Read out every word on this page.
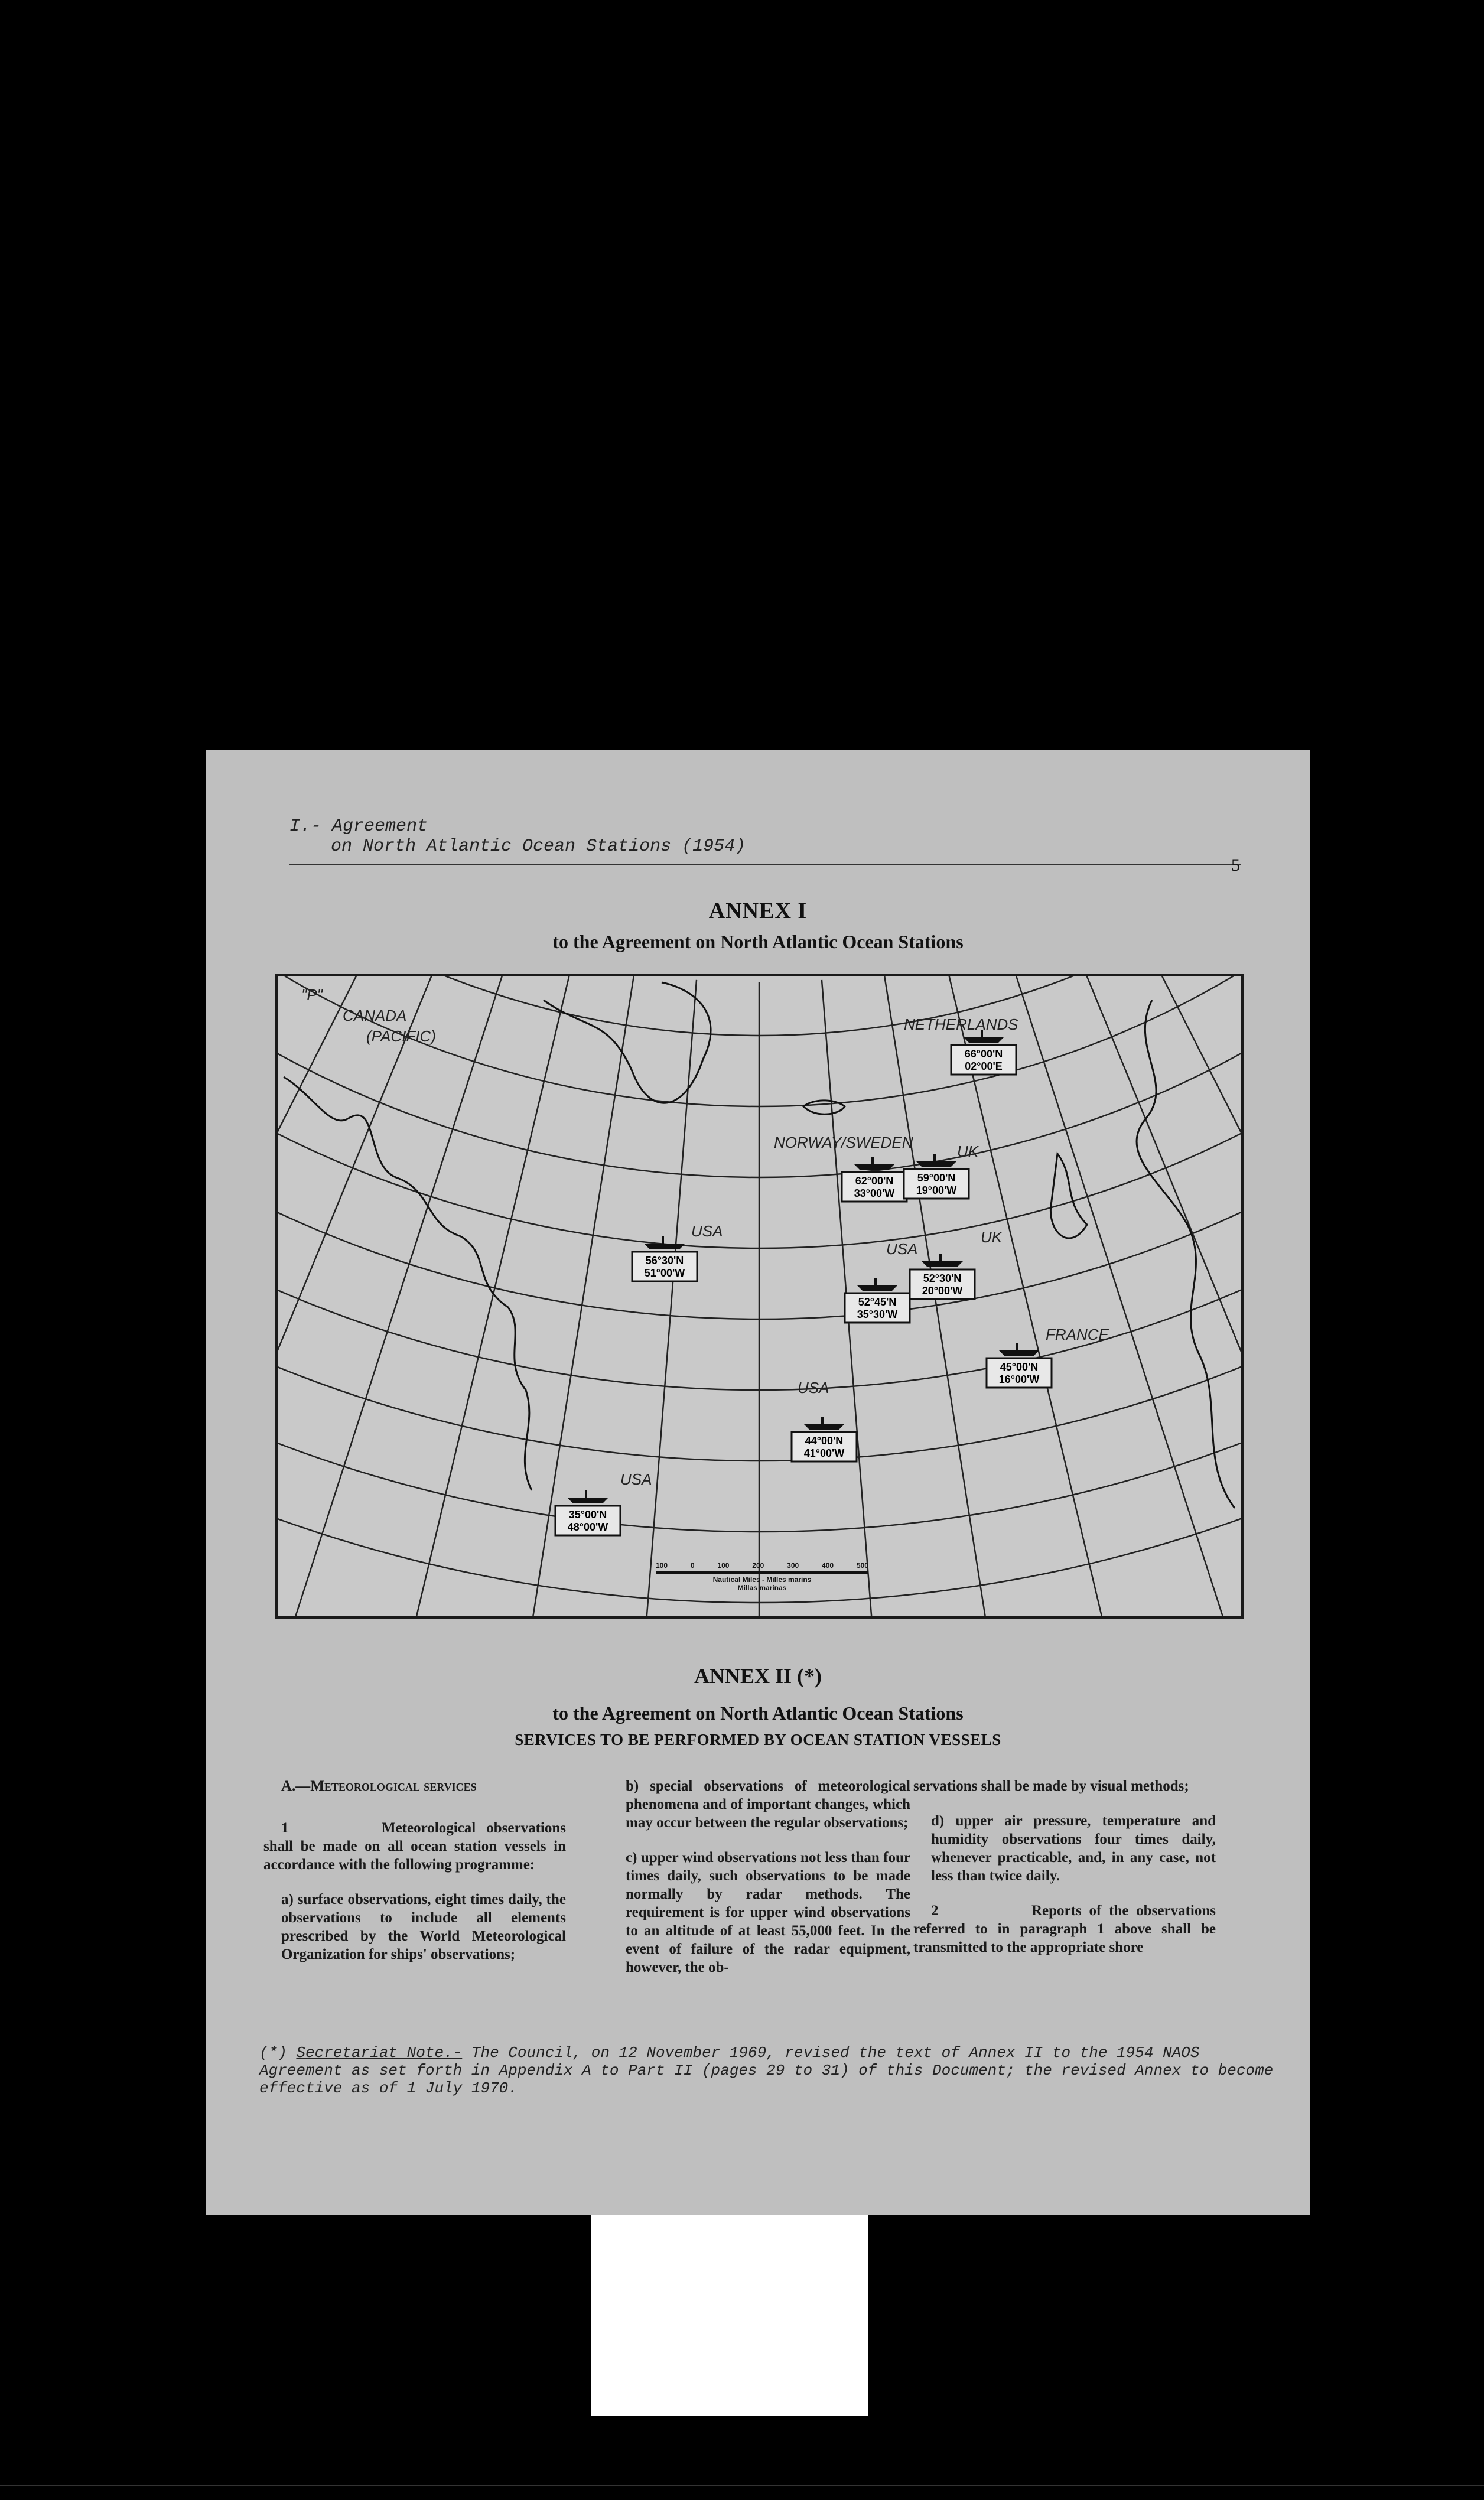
I.- Agreement
on North Atlantic Ocean Stations (1954)
5
ANNEX I
to the Agreement on North Atlantic Ocean Stations
66°00'N
02°00'E
62°00'N
33°00'W
59°00'N
19°00'W
56°30'N
51°00'W
52°45'N
35°30'W
52°30'N
20°00'W
45°00'N
16°00'W
44°00'N
41°00'W
35°00'N
48°00'W
"P"
CANADA
(PACIFIC)
NETHERLANDS
NORWAY/SWEDEN	UK
UK
USA
USA
USA
USA
FRANCE
100	0	100	200	300	400	500
Nautical Miles - Milles marins
Millas marinas
ANNEX II (*)
to the Agreement on North Atlantic Ocean Stations
SERVICES TO BE PERFORMED BY OCEAN STATION VESSELS

A.—Meteorological services

1	Meteorological observations shall be made on all ocean station vessels in accordance with the following programme:

a) surface observations, eight times daily, the observations to include all elements prescribed by the World Meteorological Organization for ships' observations;

b) special observations of meteorological phenomena and of important changes, which may occur between the regular observations;

c) upper wind observations not less than four times daily, such observations to be made normally by radar methods. The requirement is for upper wind observations to an altitude of at least 55,000 feet. In the event of failure of the radar equipment, however, the ob-

servations shall be made by visual methods;

d) upper air pressure, temperature and humidity observations four times daily, whenever practicable, and, in any case, not less than twice daily.

2	Reports of the observations referred to in paragraph 1 above shall be transmitted to the appropriate shore

(*) Secretariat Note.- The Council, on 12 November 1969, revised the text of Annex II to the 1954 NAOS Agreement as set forth in Appendix A to Part II (pages 29 to 31) of this Document; the revised Annex to become effective as of 1 July 1970.
